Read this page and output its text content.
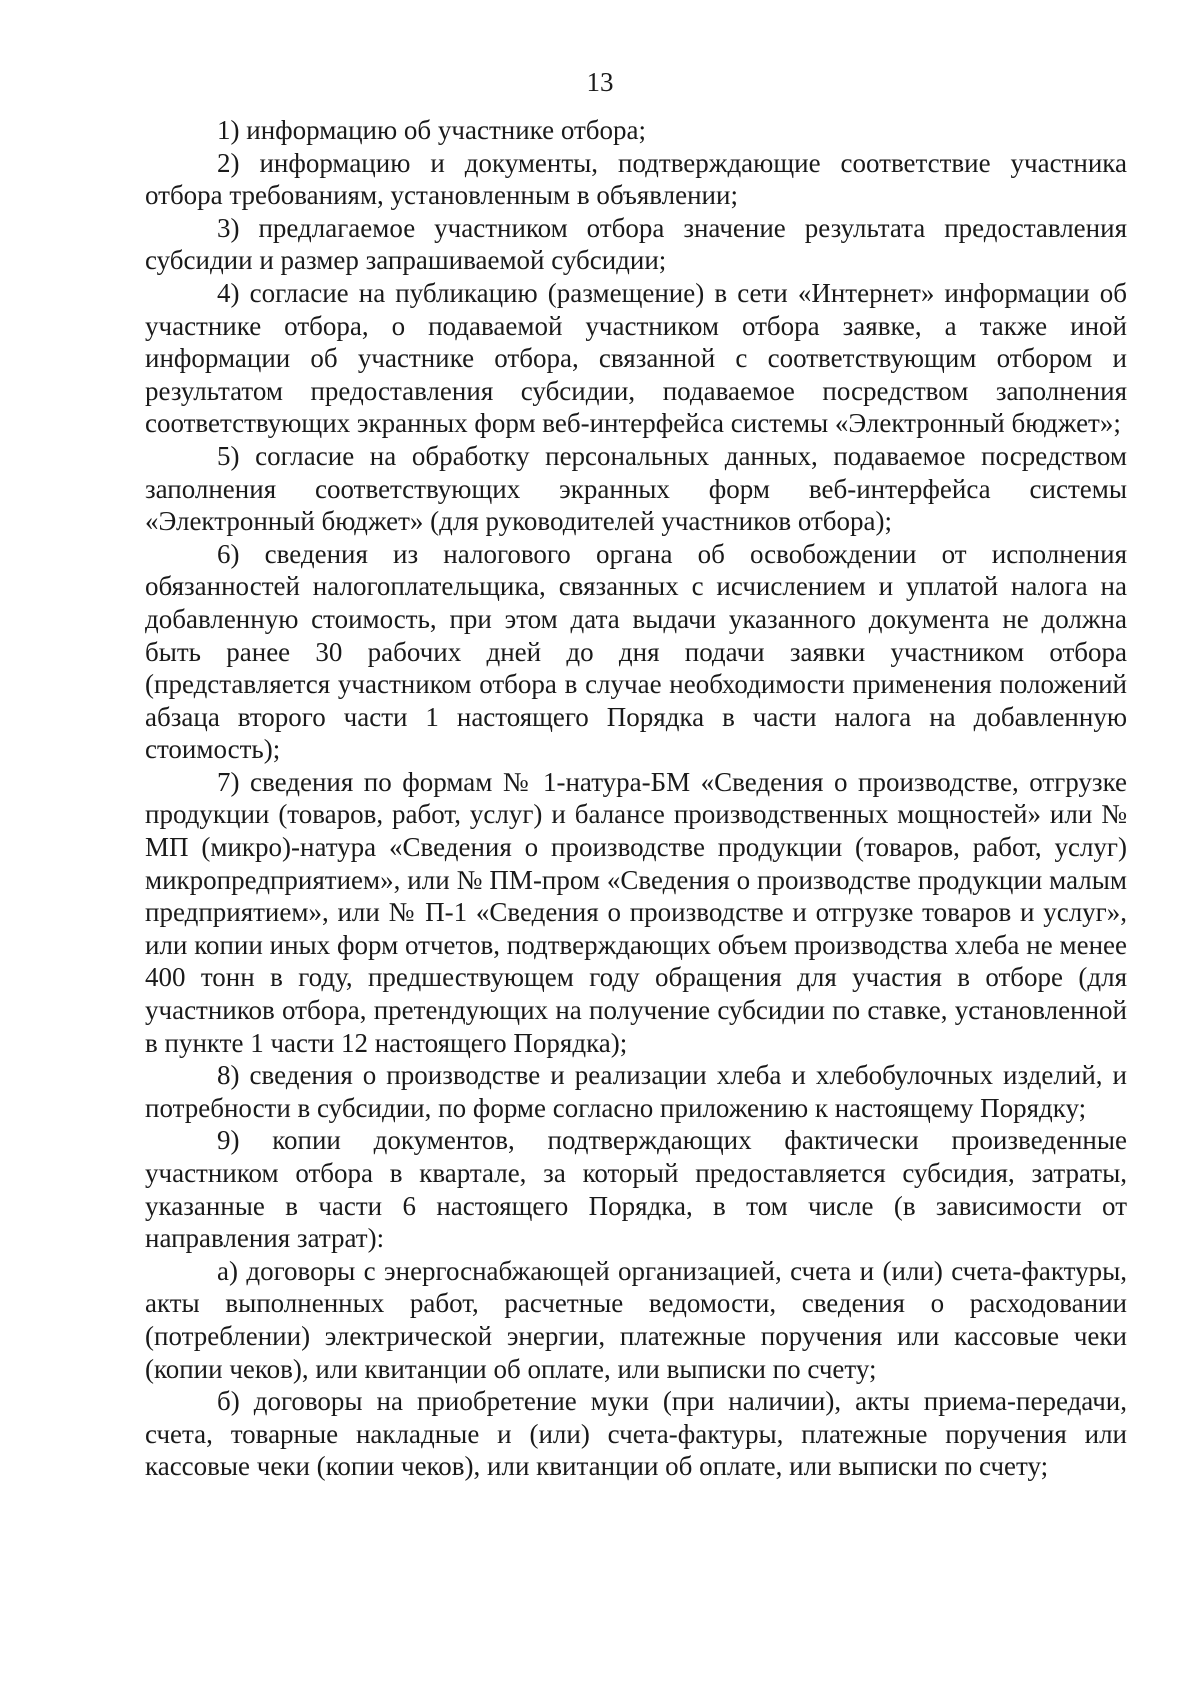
13

1) информацию об участнике отбора;

2) информацию и документы, подтверждающие соответствие участника отбора требованиям, установленным в объявлении;

3) предлагаемое участником отбора значение результата предоставления субсидии и размер запрашиваемой субсидии;

4) согласие на публикацию (размещение) в сети «Интернет» информации об участнике отбора, о подаваемой участником отбора заявке, а также иной информации об участнике отбора, связанной с соответствующим отбором и результатом предоставления субсидии, подаваемое посредством заполнения соответствующих экранных форм веб-интерфейса системы «Электронный бюджет»;

5) согласие на обработку персональных данных, подаваемое посредством заполнения соответствующих экранных форм веб-интерфейса системы «Электронный бюджет» (для руководителей участников отбора);

6) сведения из налогового органа об освобождении от исполнения обязанностей налогоплательщика, связанных с исчислением и уплатой налога на добавленную стоимость, при этом дата выдачи указанного документа не должна быть ранее 30 рабочих дней до дня подачи заявки участником отбора (представляется участником отбора в случае необходимости применения положений абзаца второго части 1 настоящего Порядка в части налога на добавленную стоимость);

7) сведения по формам № 1-натура-БМ «Сведения о производстве, отгрузке продукции (товаров, работ, услуг) и балансе производственных мощностей» или № МП (микро)-натура «Сведения о производстве продукции (товаров, работ, услуг) микропредприятием», или № ПМ-пром «Сведения о производстве продукции малым предприятием», или № П-1 «Сведения о производстве и отгрузке товаров и услуг», или копии иных форм отчетов, подтверждающих объем производства хлеба не менее 400 тонн в году, предшествующем году обращения для участия в отборе (для участников отбора, претендующих на получение субсидии по ставке, установленной в пункте 1 части 12 настоящего Порядка);

8) сведения о производстве и реализации хлеба и хлебобулочных изделий, и потребности в субсидии, по форме согласно приложению к настоящему Порядку;

9) копии документов, подтверждающих фактически произведенные участником отбора в квартале, за который предоставляется субсидия, затраты, указанные в части 6 настоящего Порядка, в том числе (в зависимости от направления затрат):

а) договоры с энергоснабжающей организацией, счета и (или) счета-фактуры, акты выполненных работ, расчетные ведомости, сведения о расходовании (потреблении) электрической энергии, платежные поручения или кассовые чеки (копии чеков), или квитанции об оплате, или выписки по счету;

б) договоры на приобретение муки (при наличии), акты приема-передачи, счета, товарные накладные и (или) счета-фактуры, платежные поручения или кассовые чеки (копии чеков), или квитанции об оплате, или выписки по счету;
